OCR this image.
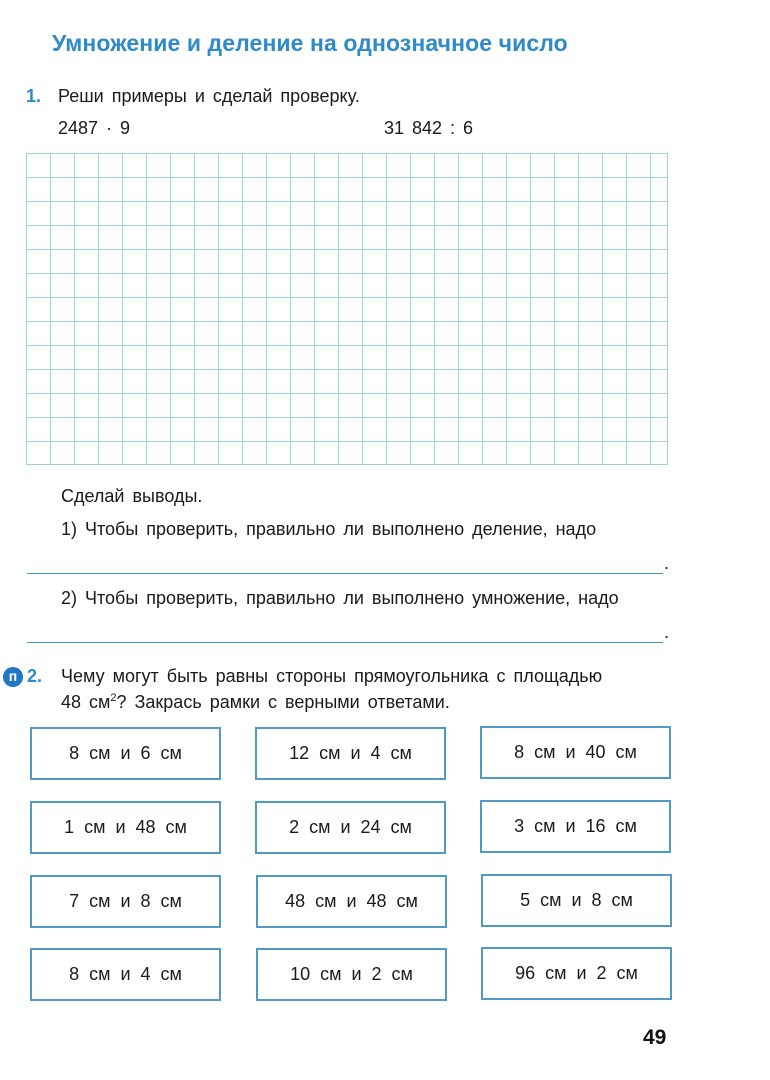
Умножение и деление на однозначное число
1. Реши примеры и сделай проверку.
2487 · 9	31 842 : 6
Сделай выводы.
1) Чтобы проверить, правильно ли выполнено деление, надо
.
2) Чтобы проверить, правильно ли выполнено умножение, надо
.
п 2. Чему могут быть равны стороны прямоугольника с площадью
48 $см^2$? Закрась рамки с верными ответами.
8 см и 6 см	12 см и 4 см	8 см и 40 см
1 см и 48 см	2 см и 24 см	3 см и 16 см
7 см и 8 см	48 см и 48 см	5 см и 8 см
8 см и 4 см	10 см и 2 см	96 см и 2 см
49
